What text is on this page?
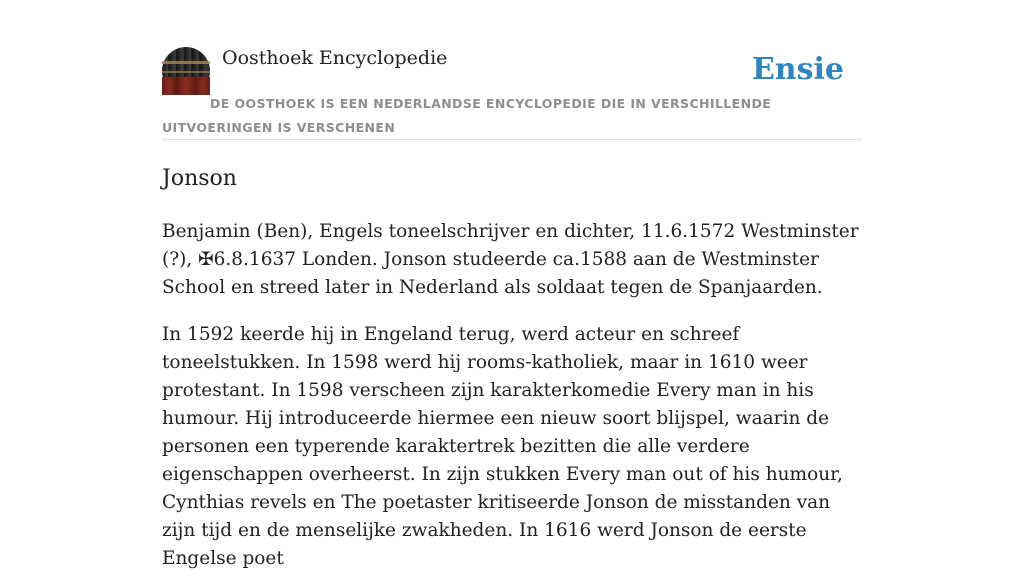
Oosthoek Encyclopedie	Ensie
DE OOSTHOEK IS EEN NEDERLANDSE ENCYCLOPEDIE DIE IN VERSCHILLENDE UITVOERINGEN IS VERSCHENEN
Jonson

Benjamin (Ben), Engels toneelschrijver en dichter, 11.6.1572 Westminster (?), ✠6.8.1637 Londen. Jonson studeerde ca.1588 aan de Westminster School en streed later in Nederland als soldaat tegen de Spanjaarden.

In 1592 keerde hij in Engeland terug, werd acteur en schreef toneelstukken. In 1598 werd hij rooms-katholiek, maar in 1610 weer protestant. In 1598 verscheen zijn karakterkomedie Every man in his humour. Hij introduceerde hiermee een nieuw soort blijspel, waarin de personen een typerende karaktertrek bezitten die alle verdere eigenschappen overheerst. In zijn stukken Every man out of his humour, Cynthias revels en The poetaster kritiseerde Jonson de misstanden van zijn tijd en de menselijke zwakheden. In 1616 werd Jonson de eerste Engelse poet
